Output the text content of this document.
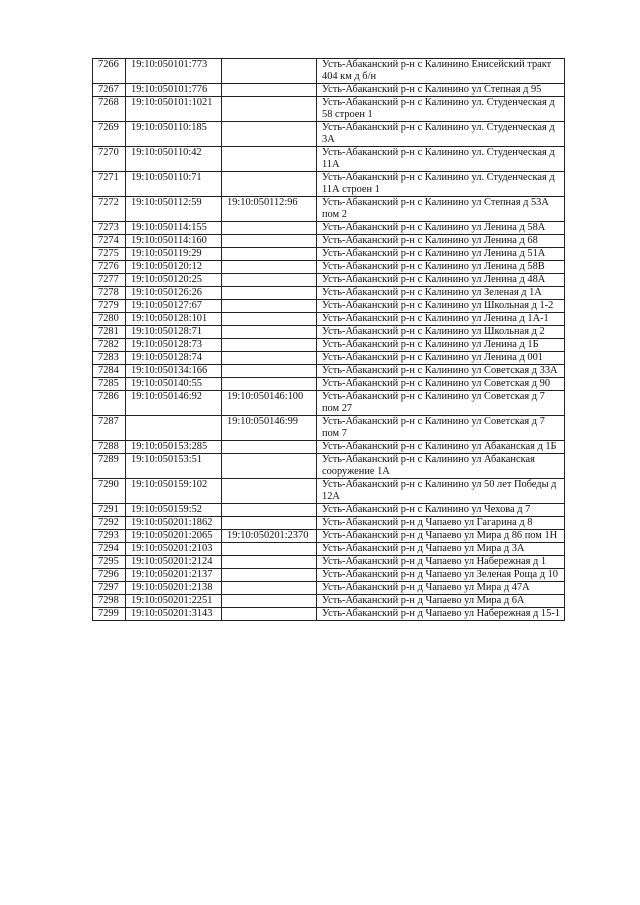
7266	19:10:050101:773		Усть-Абаканский р-н с Калинино Енисейский тракт 404 км д б/н
7267	19:10:050101:776		Усть-Абаканский р-н с Калинино ул Степная д 95
7268	19:10:050101:1021		Усть-Абаканский р-н с Калинино ул. Студенческая д 58 строен 1
7269	19:10:050110:185		Усть-Абаканский р-н с Калинино ул. Студенческая д 3А
7270	19:10:050110:42		Усть-Абаканский р-н с Калинино ул. Студенческая д 11А
7271	19:10:050110:71		Усть-Абаканский р-н с Калинино ул. Студенческая д 11А строен 1
7272	19:10:050112:59	19:10:050112:96	Усть-Абаканский р-н с Калинино ул Степная д 53А пом 2
7273	19:10:050114:155		Усть-Абаканский р-н с Калинино ул Ленина д 58А
7274	19:10:050114:160		Усть-Абаканский р-н с Калинино ул Ленина д 68
7275	19:10:050119:29		Усть-Абаканский р-н с Калинино ул Ленина д 51А
7276	19:10:050120:12		Усть-Абаканский р-н с Калинино ул Ленина д 58В
7277	19:10:050120:25		Усть-Абаканский р-н с Калинино ул Ленина д 48А
7278	19:10:050126:26		Усть-Абаканский р-н с Калинино ул Зеленая д 1А
7279	19:10:050127:67		Усть-Абаканский р-н с Калинино ул Школьная д 1-2
7280	19:10:050128:101		Усть-Абаканский р-н с Калинино ул Ленина д 1А-1
7281	19:10:050128:71		Усть-Абаканский р-н с Калинино ул Школьная д 2
7282	19:10:050128:73		Усть-Абаканский р-н с Калинино ул Ленина д 1Б
7283	19:10:050128:74		Усть-Абаканский р-н с Калинино ул Ленина д 001
7284	19:10:050134:166		Усть-Абаканский р-н с Калинино ул Советская д 33А
7285	19:10:050140:55		Усть-Абаканский р-н с Калинино ул Советская д 90
7286	19:10:050146:92	19:10:050146:100	Усть-Абаканский р-н с Калинино ул Советская д 7 пом 27
7287		19:10:050146:99	Усть-Абаканский р-н с Калинино ул Советская д 7 пом 7
7288	19:10:050153:285		Усть-Абаканский р-н с Калинино ул Абаканская д 1Б
7289	19:10:050153:51		Усть-Абаканский р-н с Калинино ул Абаканская сооружение 1А
7290	19:10:050159:102		Усть-Абаканский р-н с Калинино ул 50 лет Победы д 12А
7291	19:10:050159:52		Усть-Абаканский р-н с Калинино ул Чехова д 7
7292	19:10:050201:1862		Усть-Абаканский р-н д Чапаево ул Гагарина д 8
7293	19:10:050201:2065	19:10:050201:2370	Усть-Абаканский р-н д Чапаево ул Мира д 86 пом 1Н
7294	19:10:050201:2103		Усть-Абаканский р-н д Чапаево ул Мира д 3А
7295	19:10:050201:2124		Усть-Абаканский р-н д Чапаево ул Набережная д 1
7296	19:10:050201:2137		Усть-Абаканский р-н д Чапаево ул Зеленая Роща д 10
7297	19:10:050201:2138		Усть-Абаканский р-н д Чапаево ул Мира д 47А
7298	19:10:050201:2251		Усть-Абаканский р-н д Чапаево ул Мира д 6А
7299	19:10:050201:3143		Усть-Абаканский р-н д Чапаево ул Набережная д 15-1
